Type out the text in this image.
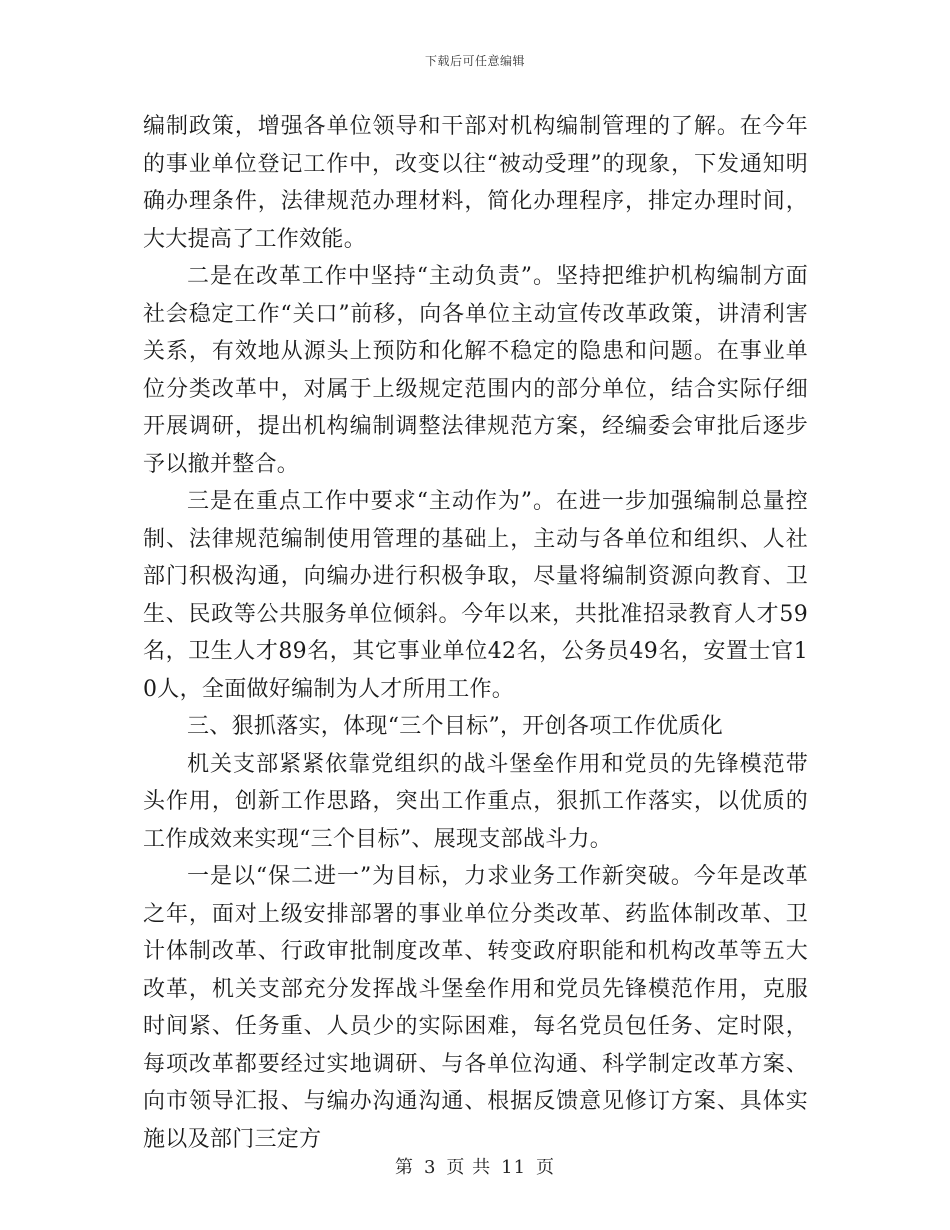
下载后可任意编辑

编制政策，增强各单位领导和干部对机构编制管理的了解。在今年的事业单位登记工作中，改变以往“被动受理”的现象，下发通知明确办理条件，法律规范办理材料，简化办理程序，排定办理时间，大大提高了工作效能。

二是在改革工作中坚持“主动负责”。坚持把维护机构编制方面社会稳定工作“关口”前移，向各单位主动宣传改革政策，讲清利害关系，有效地从源头上预防和化解不稳定的隐患和问题。在事业单位分类改革中，对属于上级规定范围内的部分单位，结合实际仔细开展调研，提出机构编制调整法律规范方案，经编委会审批后逐步予以撤并整合。

三是在重点工作中要求“主动作为”。在进一步加强编制总量控制、法律规范编制使用管理的基础上，主动与各单位和组织、人社部门积极沟通，向编办进行积极争取，尽量将编制资源向教育、卫生、民政等公共服务单位倾斜。今年以来，共批准招录教育人才59名，卫生人才89名，其它事业单位42名，公务员49名，安置士官10人，全面做好编制为人才所用工作。

三、狠抓落实，体现“三个目标”，开创各项工作优质化

机关支部紧紧依靠党组织的战斗堡垒作用和党员的先锋模范带头作用，创新工作思路，突出工作重点，狠抓工作落实，以优质的工作成效来实现“三个目标”、展现支部战斗力。

一是以“保二进一”为目标，力求业务工作新突破。今年是改革之年，面对上级安排部署的事业单位分类改革、药监体制改革、卫计体制改革、行政审批制度改革、转变政府职能和机构改革等五大改革，机关支部充分发挥战斗堡垒作用和党员先锋模范作用，克服时间紧、任务重、人员少的实际困难，每名党员包任务、定时限，每项改革都要经过实地调研、与各单位沟通、科学制定改革方案、向市领导汇报、与编办沟通沟通、根据反馈意见修订方案、具体实施以及部门三定方

第 3 页 共 11 页
